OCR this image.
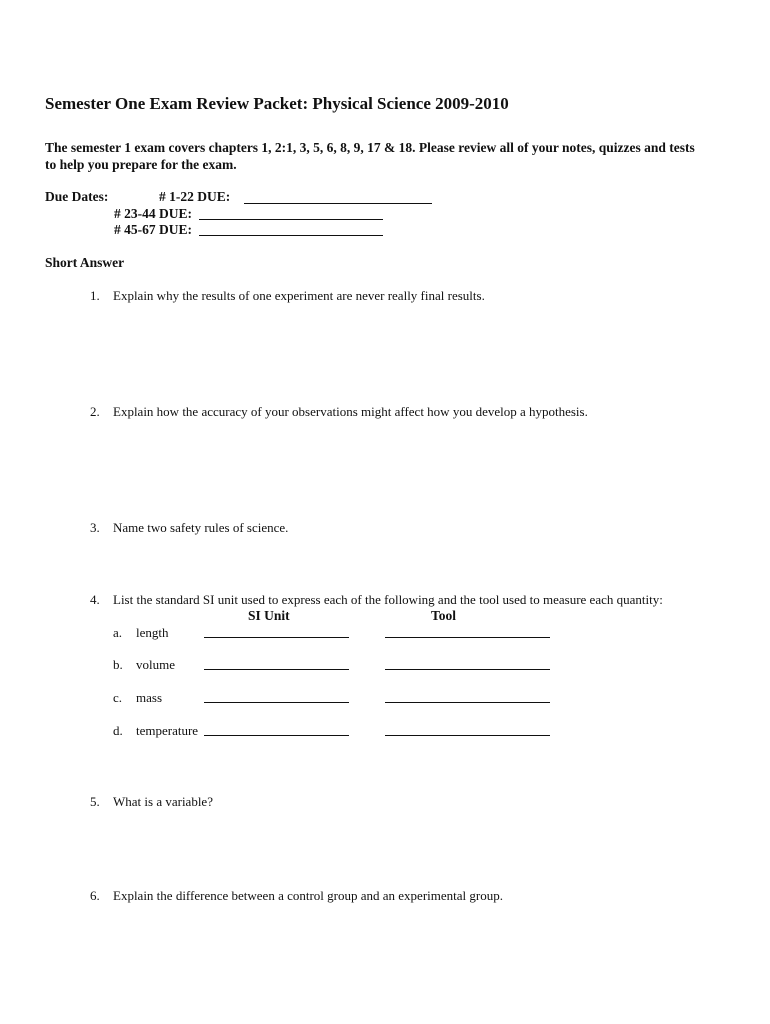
Semester One Exam Review Packet: Physical Science 2009-2010
The semester 1 exam covers chapters 1, 2:1, 3, 5, 6, 8, 9, 17 & 18. Please review all of your notes, quizzes and tests
to help you prepare for the exam.
Due Dates:	# 1-22 DUE:
# 23-44 DUE:
# 45-67 DUE:
Short Answer
1. Explain why the results of one experiment are never really final results.
2. Explain how the accuracy of your observations might affect how you develop a hypothesis.
3. Name two safety rules of science.
4. List the standard SI unit used to express each of the following and the tool used to measure each quantity:
SI Unit	Tool
a. length
b. volume
c. mass
d. temperature
5. What is a variable?
6. Explain the difference between a control group and an experimental group.
